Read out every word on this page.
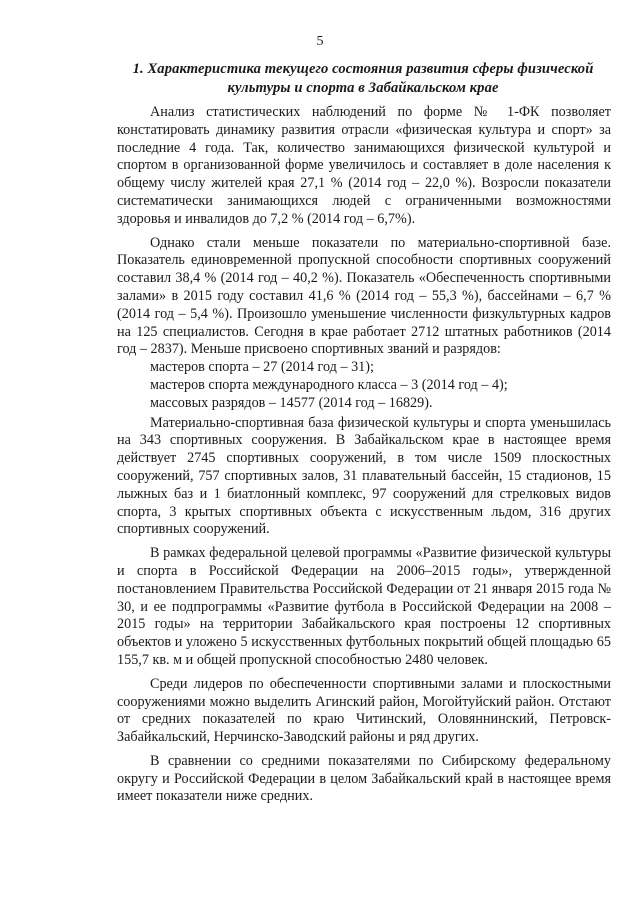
5
1. Характеристика текущего состояния развития сферы физической
культуры и спорта в Забайкальском крае

Анализ статистических наблюдений по форме № 1-ФК позволяет констатировать динамику развития отрасли «физическая культура и спорт» за последние 4 года. Так, количество занимающихся физической культурой и спортом в организованной форме увеличилось и составляет в доле населения к общему числу жителей края 27,1 % (2014 год – 22,0 %). Возросли показатели систематически занимающихся людей с ограниченными возможностями здоровья и инвалидов до 7,2 % (2014 год – 6,7%).

Однако стали меньше показатели по материально-спортивной базе. Показатель единовременной пропускной способности спортивных сооружений составил 38,4 % (2014 год – 40,2 %). Показатель «Обеспеченность спортивными залами» в 2015 году составил 41,6 % (2014 год – 55,3 %), бассейнами – 6,7 % (2014 год – 5,4 %). Произошло уменьшение численности физкультурных кадров на 125 специалистов. Сегодня в крае работает 2712 штатных работников (2014 год – 2837). Меньше присвоено спортивных званий и разрядов:

мастеров спорта – 27 (2014 год – 31);
мастеров спорта международного класса – 3 (2014 год – 4);
массовых разрядов – 14577 (2014 год – 16829).

Материально-спортивная база физической культуры и спорта уменьшилась на 343 спортивных сооружения. В Забайкальском крае в настоящее время действует 2745 спортивных сооружений, в том числе 1509 плоскостных сооружений, 757 спортивных залов, 31 плавательный бассейн, 15 стадионов, 15 лыжных баз и 1 биатлонный комплекс, 97 сооружений для стрелковых видов спорта, 3 крытых спортивных объекта с искусственным льдом, 316 других спортивных сооружений.

В рамках федеральной целевой программы «Развитие физической культуры и спорта в Российской Федерации на 2006–2015 годы», утвержденной постановлением Правительства Российской Федерации от 21 января 2015 года № 30, и ее подпрограммы «Развитие футбола в Российской Федерации на 2008 – 2015 годы» на территории Забайкальского края построены 12 спортивных объектов и уложено 5 искусственных футбольных покрытий общей площадью 65 155,7 кв. м и общей пропускной способностью 2480 человек.

Среди лидеров по обеспеченности спортивными залами и плоскостными сооружениями можно выделить Агинский район, Могойтуйский район. Отстают от средних показателей по краю Читинский, Оловяннинский, Петровск-Забайкальский, Нерчинско-Заводский районы и ряд других.

В сравнении со средними показателями по Сибирскому федеральному округу и Российской Федерации в целом Забайкальский край в настоящее время имеет показатели ниже средних.
